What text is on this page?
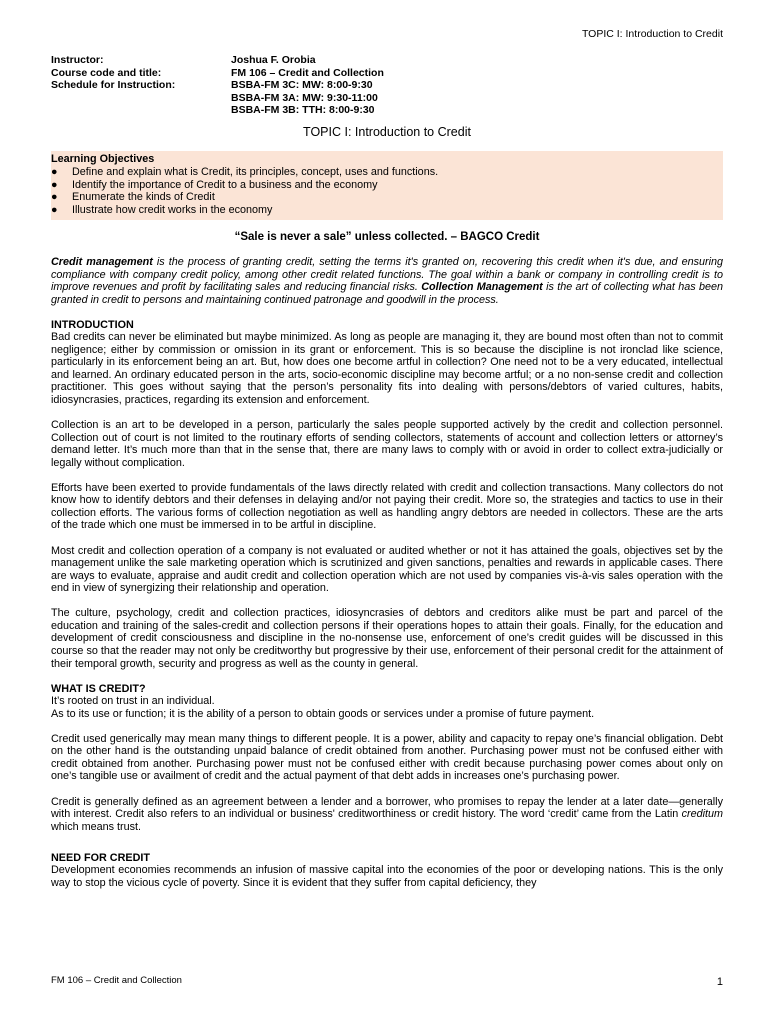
TOPIC I: Introduction to Credit
Instructor:	Joshua F. Orobia
Course code and title:	FM 106 – Credit and Collection
Schedule for Instruction:	BSBA-FM 3C: MW: 8:00-9:30
BSBA-FM 3A: MW: 9:30-11:00
BSBA-FM 3B: TTH: 8:00-9:30
TOPIC I: Introduction to Credit
Learning Objectives
●	Define and explain what is Credit, its principles, concept, uses and functions.
●	Identify the importance of Credit to a business and the economy
●	Enumerate the kinds of Credit
●	Illustrate how credit works in the economy
“Sale is never a sale” unless collected. – BAGCO Credit

Credit management is the process of granting credit, setting the terms it's granted on, recovering this credit when it's due, and ensuring compliance with company credit policy, among other credit related functions. The goal within a bank or company in controlling credit is to improve revenues and profit by facilitating sales and reducing financial risks. Collection Management is the art of collecting what has been granted in credit to persons and maintaining continued patronage and goodwill in the process.

INTRODUCTION

Bad credits can never be eliminated but maybe minimized. As long as people are managing it, they are bound most often than not to commit negligence; either by commission or omission in its grant or enforcement. This is so because the discipline is not ironclad like science, particularly in its enforcement being an art. But, how does one become artful in collection? One need not to be a very educated, intellectual and learned. An ordinary educated person in the arts, socio-economic discipline may become artful; or a no non-sense credit and collection practitioner. This goes without saying that the person’s personality fits into dealing with persons/debtors of varied cultures, habits, idiosyncrasies, practices, regarding its extension and enforcement.

Collection is an art to be developed in a person, particularly the sales people supported actively by the credit and collection personnel. Collection out of court is not limited to the routinary efforts of sending collectors, statements of account and collection letters or attorney’s demand letter. It’s much more than that in the sense that, there are many laws to comply with or avoid in order to collect extra-judicially or legally without complication.

Efforts have been exerted to provide fundamentals of the laws directly related with credit and collection transactions. Many collectors do not know how to identify debtors and their defenses in delaying and/or not paying their credit. More so, the strategies and tactics to use in their collection efforts. The various forms of collection negotiation as well as handling angry debtors are needed in collectors. These are the arts of the trade which one must be immersed in to be artful in discipline.

Most credit and collection operation of a company is not evaluated or audited whether or not it has attained the goals, objectives set by the management unlike the sale marketing operation which is scrutinized and given sanctions, penalties and rewards in applicable cases. There are ways to evaluate, appraise and audit credit and collection operation which are not used by companies vis-à-vis sales operation with the end in view of synergizing their relationship and operation.

The culture, psychology, credit and collection practices, idiosyncrasies of debtors and creditors alike must be part and parcel of the education and training of the sales-credit and collection persons if their operations hopes to attain their goals. Finally, for the education and development of credit consciousness and discipline in the no-nonsense use, enforcement of one’s credit guides will be discussed in this course so that the reader may not only be creditworthy but progressive by their use, enforcement of their personal credit for the attainment of their temporal growth, security and progress as well as the county in general.

WHAT IS CREDIT?
It’s rooted on trust in an individual.

As to its use or function; it is the ability of a person to obtain goods or services under a promise of future payment.

Credit used generically may mean many things to different people. It is a power, ability and capacity to repay one’s financial obligation. Debt on the other hand is the outstanding unpaid balance of credit obtained from another. Purchasing power must not be confused either with credit obtained from another. Purchasing power must not be confused either with credit because purchasing power comes about only on one’s tangible use or availment of credit and the actual payment of that debt adds in increases one’s purchasing power.

Credit is generally defined as an agreement between a lender and a borrower, who promises to repay the lender at a later date—generally with interest. Credit also refers to an individual or business' creditworthiness or credit history. The word ‘credit’ came from the Latin creditum which means trust.

NEED FOR CREDIT

Development economies recommends an infusion of massive capital into the economies of the poor or developing nations. This is the only way to stop the vicious cycle of poverty. Since it is evident that they suffer from capital deficiency, they

FM 106 – Credit and Collection	1
